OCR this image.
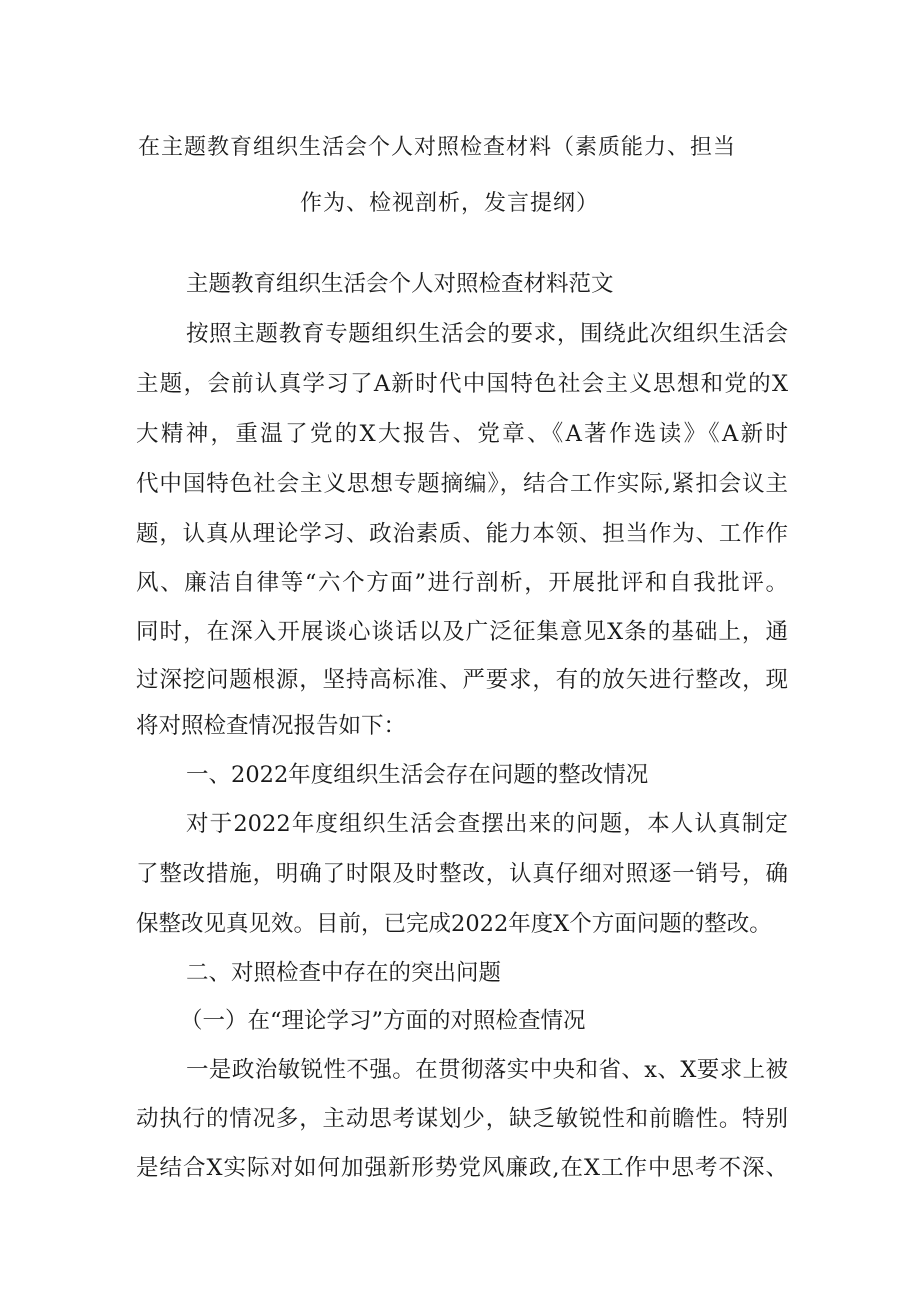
在主题教育组织生活会个人对照检查材料（素质能力、担当
作为、检视剖析，发言提纲）
主题教育组织生活会个人对照检查材料范文
按照主题教育专题组织生活会的要求，围绕此次组织生活会
主题，会前认真学习了A新时代中国特色社会主义思想和党的X
大精神，重温了党的X大报告、党章、《A著作选读》《A新时
代中国特色社会主义思想专题摘编》，结合工作实际,紧扣会议主
题，认真从理论学习、政治素质、能力本领、担当作为、工作作
风、廉洁自律等“六个方面”进行剖析，开展批评和自我批评。
同时，在深入开展谈心谈话以及广泛征集意见X条的基础上，通
过深挖问题根源，坚持高标准、严要求，有的放矢进行整改，现
将对照检查情况报告如下：
一、2022年度组织生活会存在问题的整改情况
对于2022年度组织生活会查摆出来的问题，本人认真制定
了整改措施，明确了时限及时整改，认真仔细对照逐一销号，确
保整改见真见效。目前，已完成2022年度X个方面问题的整改。
二、对照检查中存在的突出问题
（一）在“理论学习”方面的对照检查情况
一是政治敏锐性不强。在贯彻落实中央和省、x、X要求上被
动执行的情况多，主动思考谋划少，缺乏敏锐性和前瞻性。特别
是结合X实际对如何加强新形势党风廉政,在X工作中思考不深、
